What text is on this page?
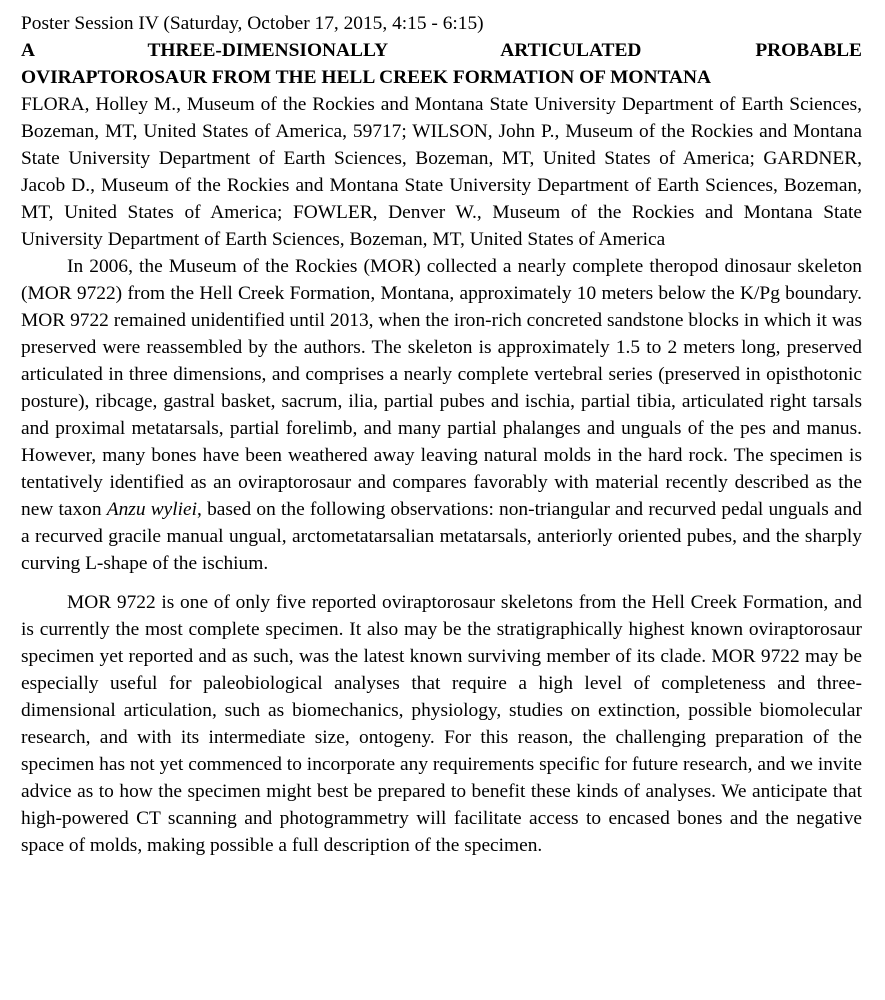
Poster Session IV (Saturday, October 17, 2015, 4:15 - 6:15)
A THREE-DIMENSIONALLY ARTICULATED PROBABLE
OVIRAPTOROSAUR FROM THE HELL CREEK FORMATION OF MONTANA
FLORA, Holley M., Museum of the Rockies and Montana State University Department of Earth Sciences, Bozeman, MT, United States of America, 59717; WILSON, John P., Museum of the Rockies and Montana State University Department of Earth Sciences, Bozeman, MT, United States of America; GARDNER, Jacob D., Museum of the Rockies and Montana State University Department of Earth Sciences, Bozeman, MT, United States of America; FOWLER, Denver W., Museum of the Rockies and Montana State University Department of Earth Sciences, Bozeman, MT, United States of America

In 2006, the Museum of the Rockies (MOR) collected a nearly complete theropod dinosaur skeleton (MOR 9722) from the Hell Creek Formation, Montana, approximately 10 meters below the K/Pg boundary. MOR 9722 remained unidentified until 2013, when the iron-rich concreted sandstone blocks in which it was preserved were reassembled by the authors. The skeleton is approximately 1.5 to 2 meters long, preserved articulated in three dimensions, and comprises a nearly complete vertebral series (preserved in opisthotonic posture), ribcage, gastral basket, sacrum, ilia, partial pubes and ischia, partial tibia, articulated right tarsals and proximal metatarsals, partial forelimb, and many partial phalanges and unguals of the pes and manus. However, many bones have been weathered away leaving natural molds in the hard rock. The specimen is tentatively identified as an oviraptorosaur and compares favorably with material recently described as the new taxon Anzu wyliei, based on the following observations: non-triangular and recurved pedal unguals and a recurved gracile manual ungual, arctometatarsalian metatarsals, anteriorly oriented pubes, and the sharply curving L-shape of the ischium.

MOR 9722 is one of only five reported oviraptorosaur skeletons from the Hell Creek Formation, and is currently the most complete specimen. It also may be the stratigraphically highest known oviraptorosaur specimen yet reported and as such, was the latest known surviving member of its clade. MOR 9722 may be especially useful for paleobiological analyses that require a high level of completeness and three-dimensional articulation, such as biomechanics, physiology, studies on extinction, possible biomolecular research, and with its intermediate size, ontogeny. For this reason, the challenging preparation of the specimen has not yet commenced to incorporate any requirements specific for future research, and we invite advice as to how the specimen might best be prepared to benefit these kinds of analyses. We anticipate that high-powered CT scanning and photogrammetry will facilitate access to encased bones and the negative space of molds, making possible a full description of the specimen.
